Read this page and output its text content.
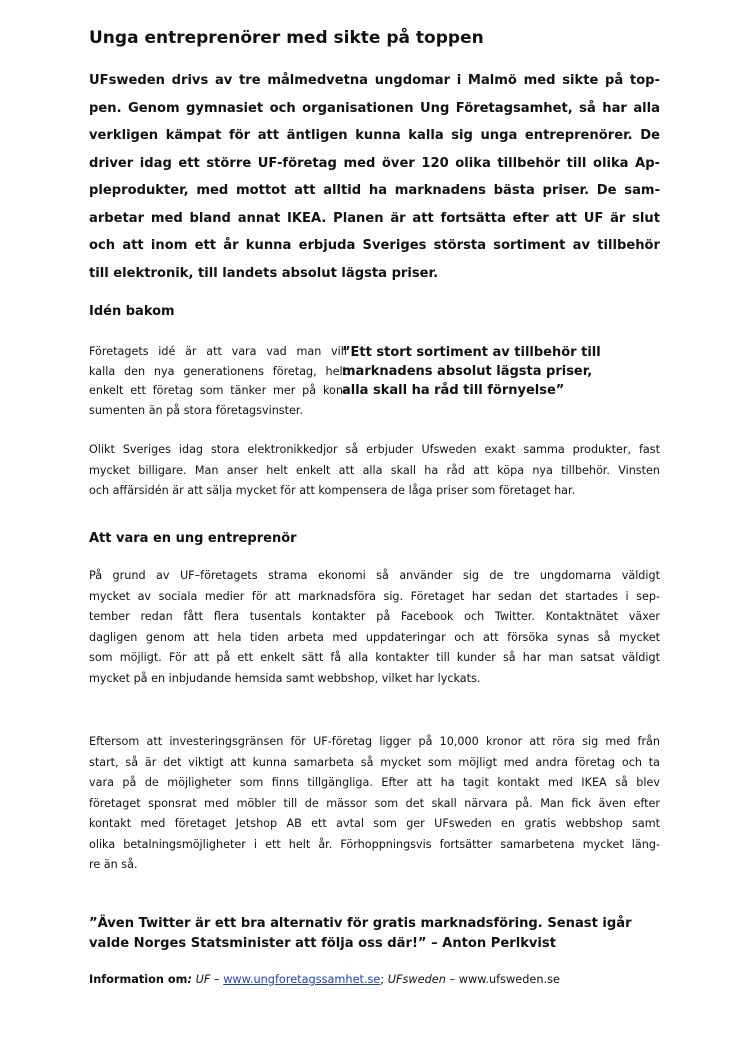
Unga entreprenörer med sikte på toppen
UFsweden drivs av tre målmedvetna ungdomar i Malmö med sikte på top-
pen. Genom gymnasiet och organisationen Ung Företagsamhet, så har alla
verkligen kämpat för att äntligen kunna kalla sig unga entreprenörer. De
driver idag ett större UF-företag med över 120 olika tillbehör till olika Ap-
pleprodukter, med mottot att alltid ha marknadens bästa priser. De sam-
arbetar med bland annat IKEA. Planen är att fortsätta efter att UF är slut
och att inom ett år kunna erbjuda Sveriges största sortiment av tillbehör
till elektronik, till landets absolut lägsta priser.
Idén bakom
Företagets idé är att vara vad man vill
kalla den nya generationens företag, helt
enkelt ett företag som tänker mer på kon-
sumenten än på stora företagsvinster.
”Ett stort sortiment av tillbehör till
marknadens absolut lägsta priser,
alla skall ha råd till förnyelse”
Olikt Sveriges idag stora elektronikkedjor så erbjuder Ufsweden exakt samma produkter, fast
mycket billigare. Man anser helt enkelt att alla skall ha råd att köpa nya tillbehör. Vinsten
och affärsidén är att sälja mycket för att kompensera de låga priser som företaget har.
Att vara en ung entreprenör
På grund av UF–företagets strama ekonomi så använder sig de tre ungdomarna väldigt
mycket av sociala medier för att marknadsföra sig. Företaget har sedan det startades i sep-
tember redan fått flera tusentals kontakter på Facebook och Twitter. Kontaktnätet växer
dagligen genom att hela tiden arbeta med uppdateringar och att försöka synas så mycket
som möjligt. För att på ett enkelt sätt få alla kontakter till kunder så har man satsat väldigt
mycket på en inbjudande hemsida samt webbshop, vilket har lyckats.
Eftersom att investeringsgränsen för UF-företag ligger på 10,000 kronor att röra sig med från
start, så är det viktigt att kunna samarbeta så mycket som möjligt med andra företag och ta
vara på de möjligheter som finns tillgängliga. Efter att ha tagit kontakt med IKEA så blev
företaget sponsrat med möbler till de mässor som det skall närvara på. Man fick även efter
kontakt med företaget Jetshop AB ett avtal som ger UFsweden en gratis webbshop samt
olika betalningsmöjligheter i ett helt år. Förhoppningsvis fortsätter samarbetena mycket läng-
re än så.
”Även Twitter är ett bra alternativ för gratis marknadsföring. Senast igår
valde Norges Statsminister att följa oss där!” – Anton Perlkvist
Information om: UF – www.ungforetagssamhet.se; UFsweden – www.ufsweden.se
